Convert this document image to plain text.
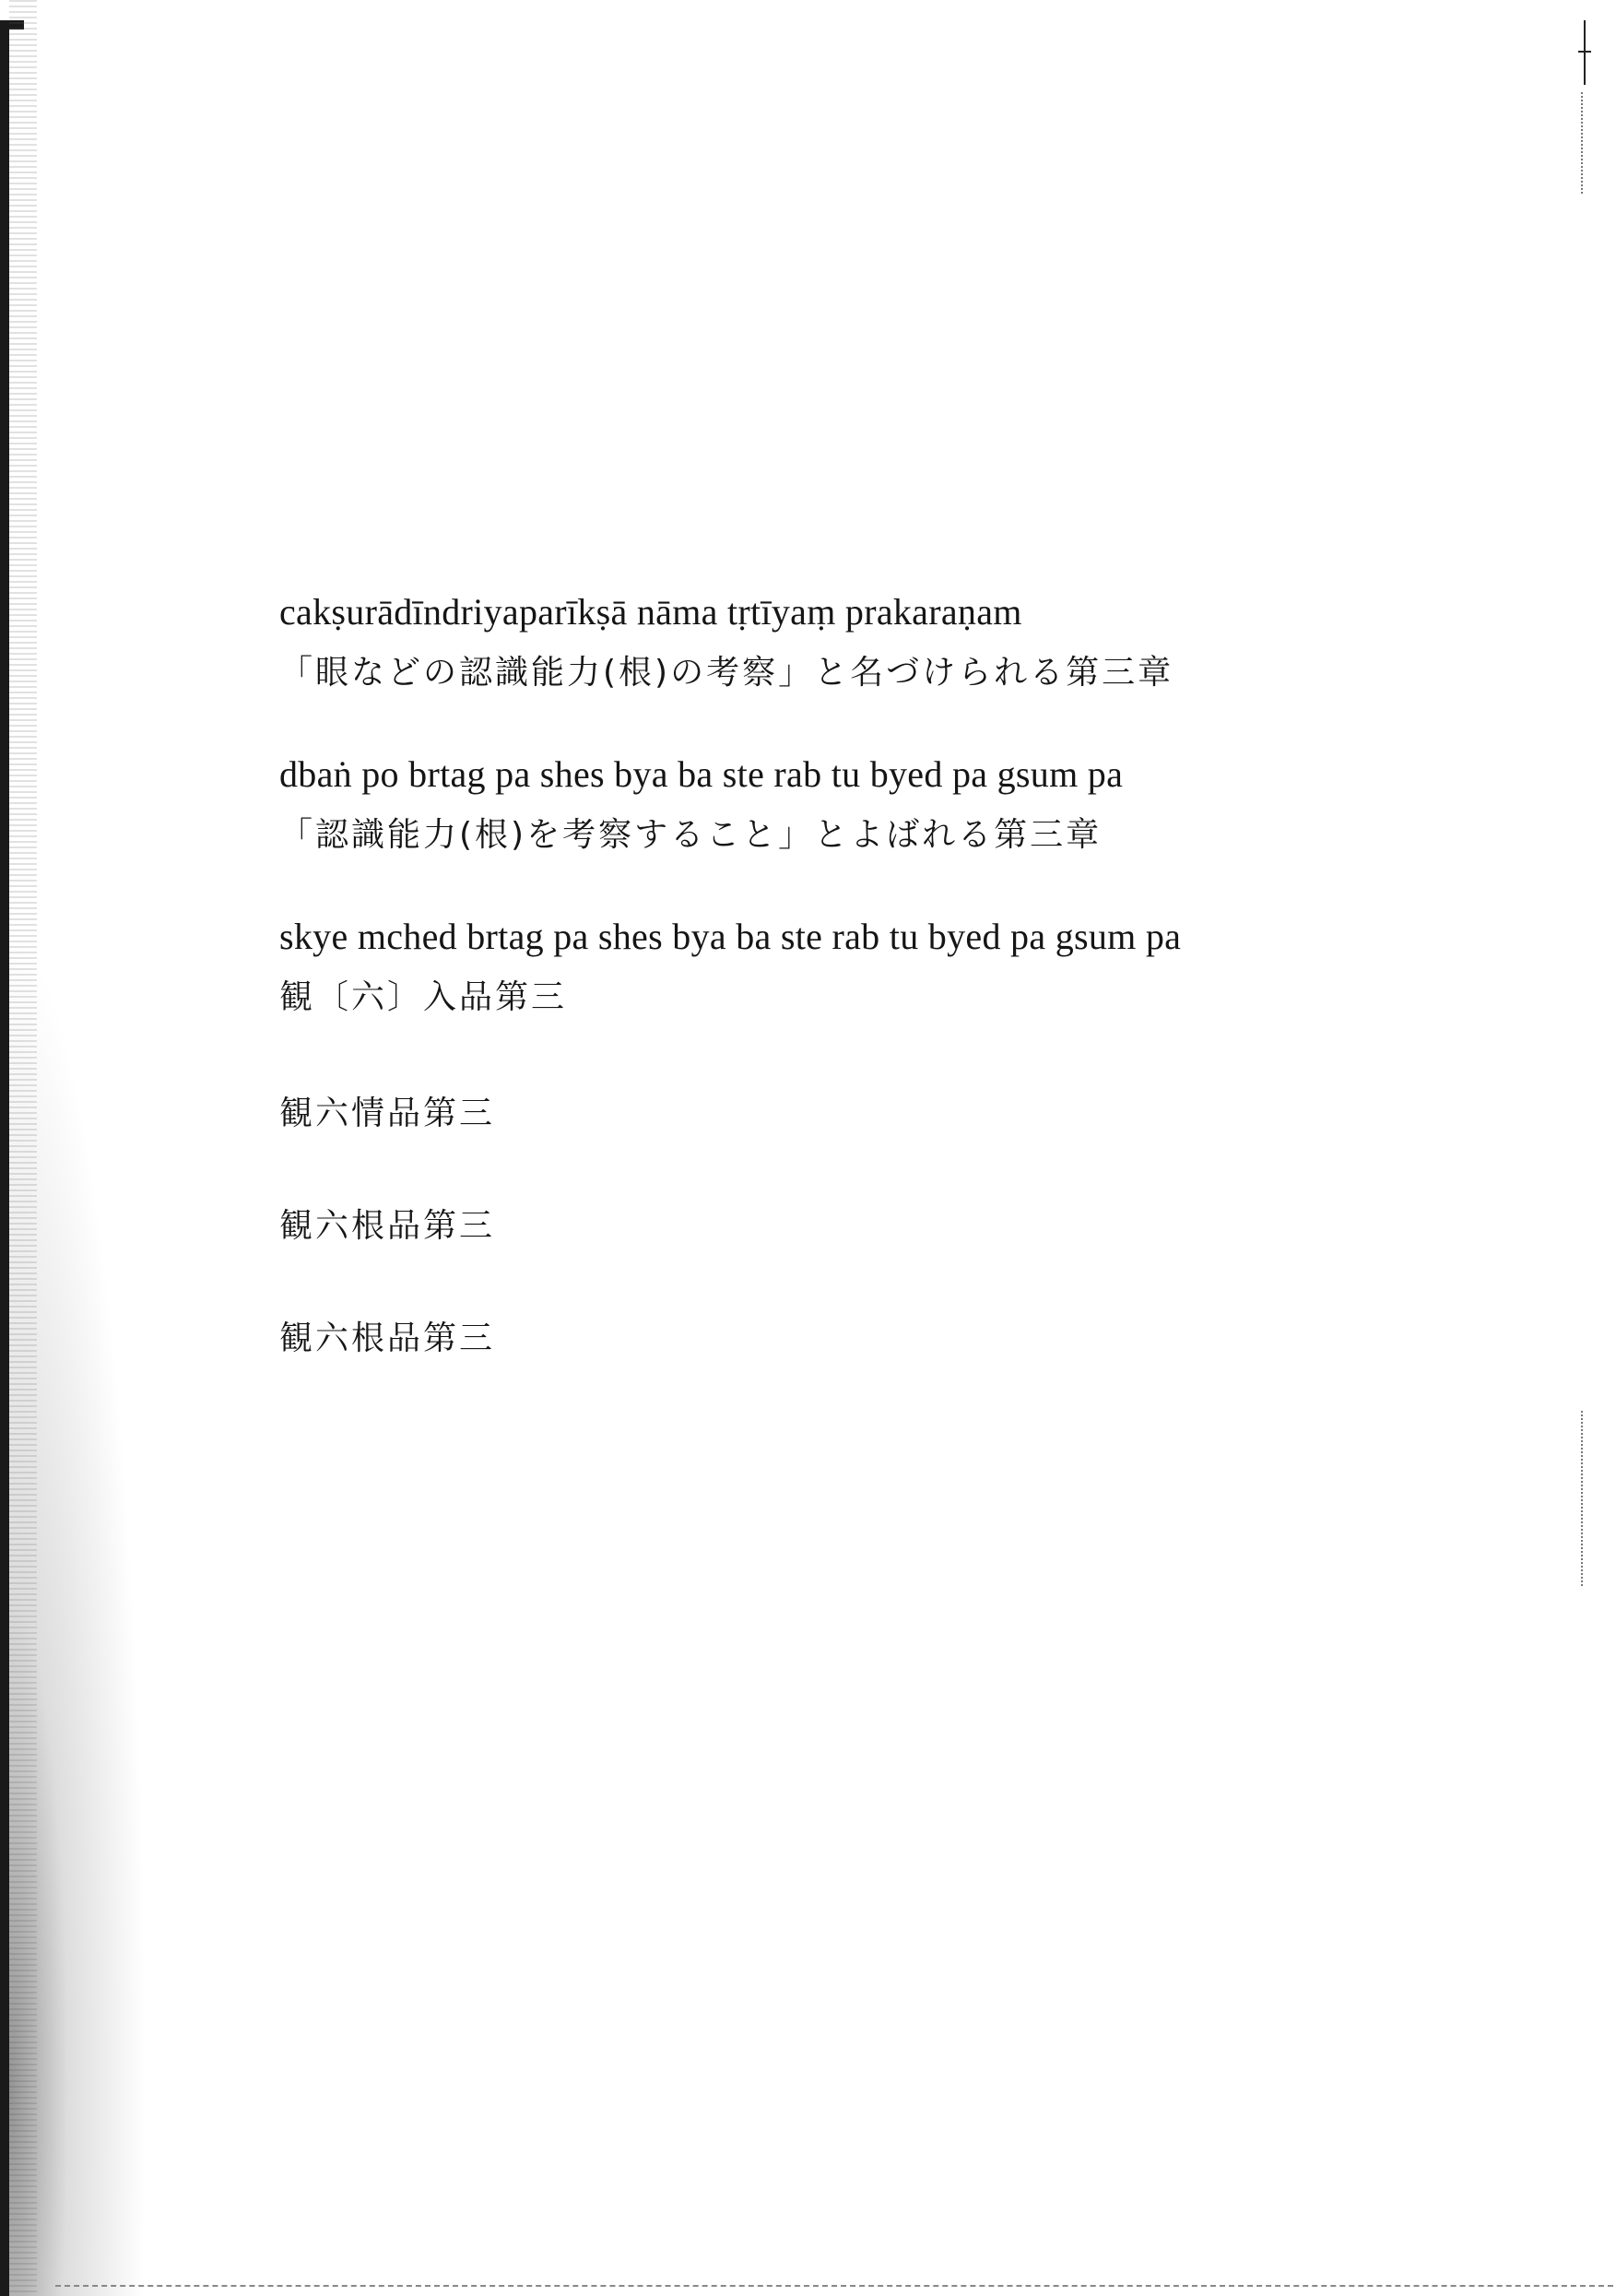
cakṣurādīndriyaparīkṣā nāma tṛtīyaṃ prakaraṇam
「眼などの認識能力(根)の考察」と名づけられる第三章
dbaṅ po brtag pa shes bya ba ste rab tu byed pa gsum pa
「認識能力(根)を考察すること」とよばれる第三章
skye mched brtag pa shes bya ba ste rab tu byed pa gsum pa
観〔六〕入品第三
観六情品第三
観六根品第三
観六根品第三
